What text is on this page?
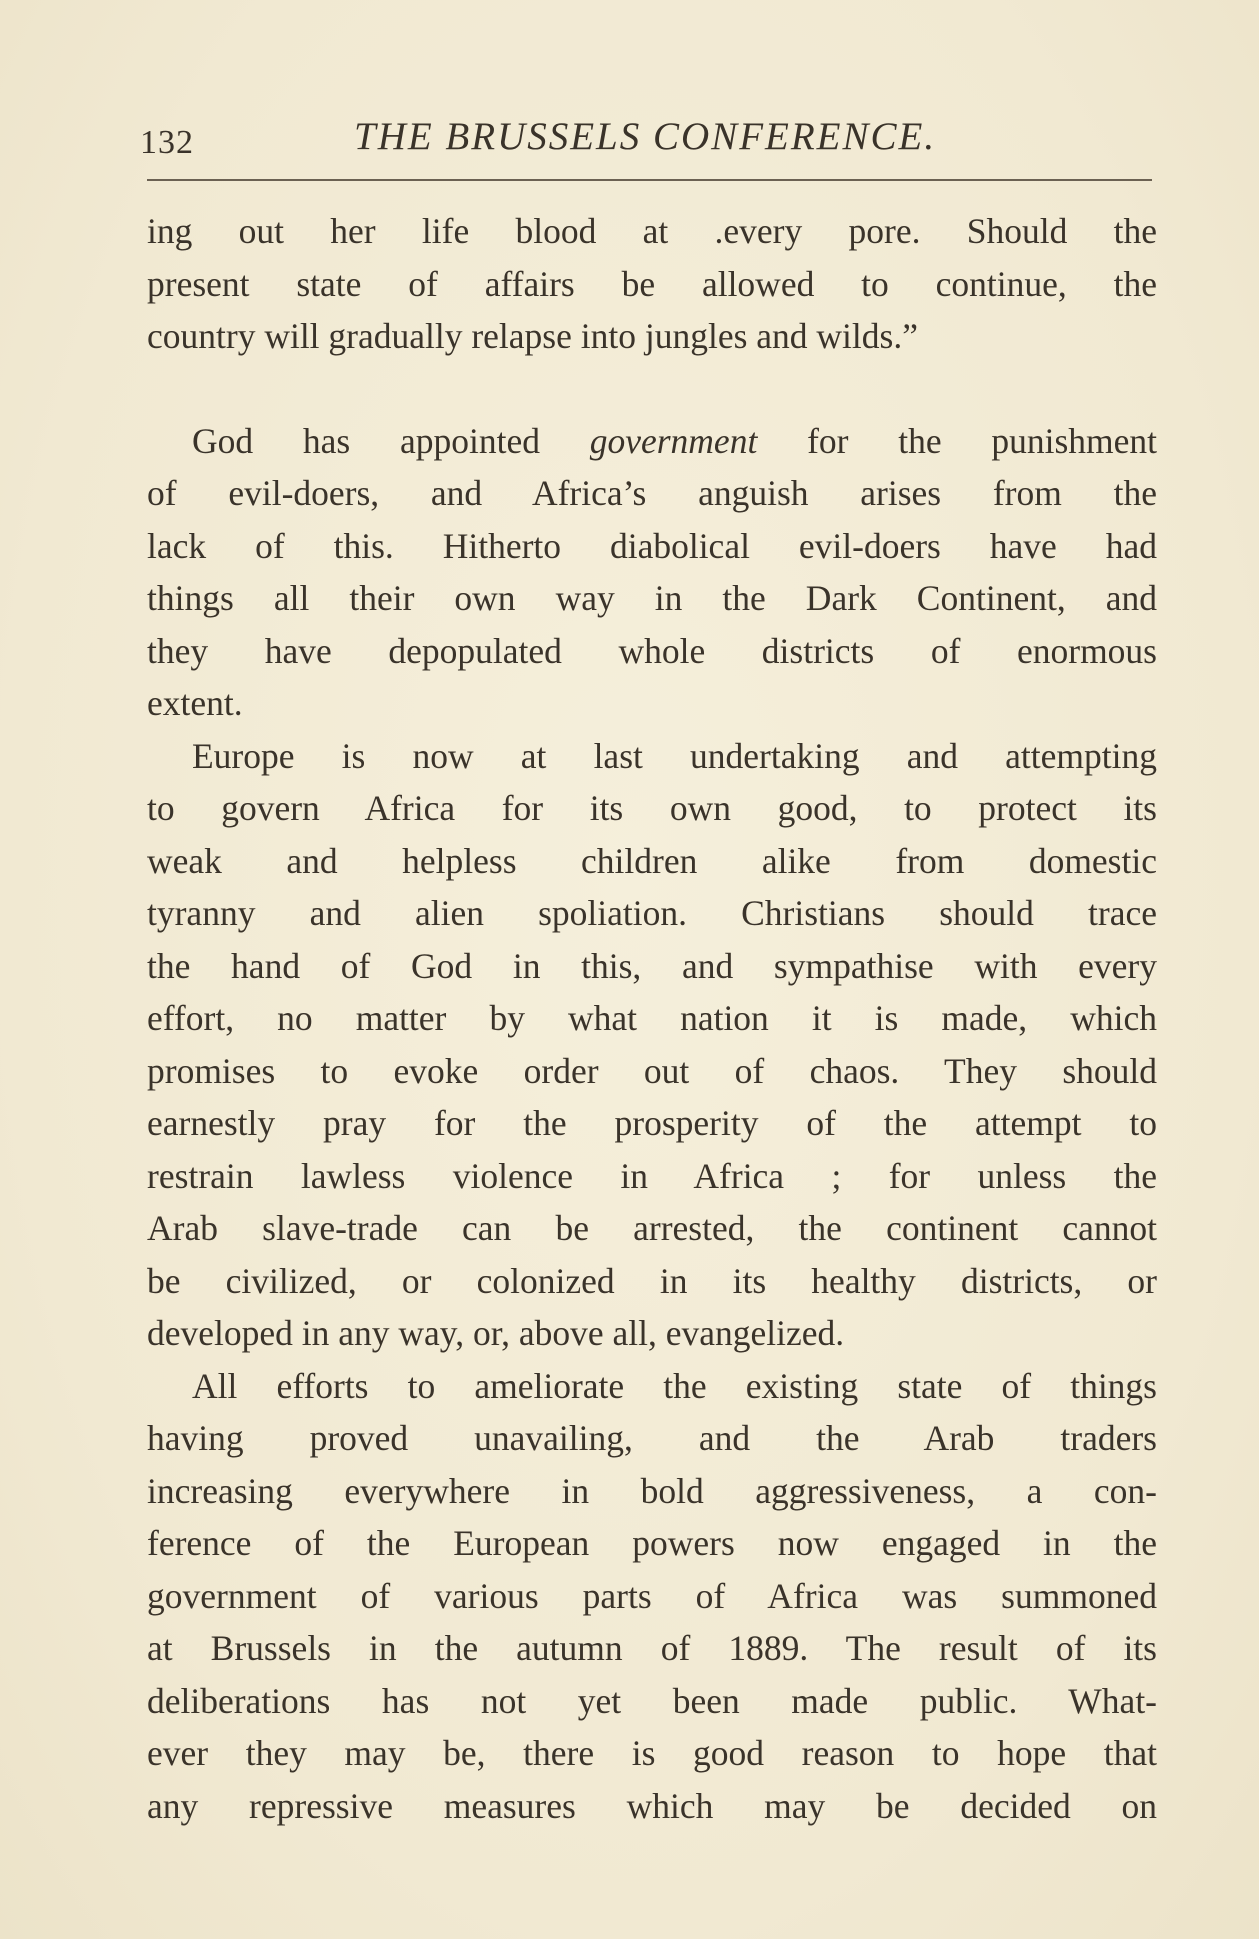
132	THE BRUSSELS CONFERENCE.
ing out her life blood at .every pore. Should the
present state of affairs be allowed to continue, the
country will gradually relapse into jungles and wilds.”
God has appointed government for the punishment
of evil-doers, and Africa’s anguish arises from the
lack of this. Hitherto diabolical evil-doers have had
things all their own way in the Dark Continent, and
they have depopulated whole districts of enormous
extent.
Europe is now at last undertaking and attempting
to govern Africa for its own good, to protect its
weak and helpless children alike from domestic
tyranny and alien spoliation. Christians should trace
the hand of God in this, and sympathise with every
effort, no matter by what nation it is made, which
promises to evoke order out of chaos. They should
earnestly pray for the prosperity of the attempt to
restrain lawless violence in Africa ; for unless the
Arab slave-trade can be arrested, the continent cannot
be civilized, or colonized in its healthy districts, or
developed in any way, or, above all, evangelized.
All efforts to ameliorate the existing state of things
having proved unavailing, and the Arab traders
increasing everywhere in bold aggressiveness, a con-
ference of the European powers now engaged in the
government of various parts of Africa was summoned
at Brussels in the autumn of 1889. The result of its
deliberations has not yet been made public. What-
ever they may be, there is good reason to hope that
any repressive measures which may be decided on
